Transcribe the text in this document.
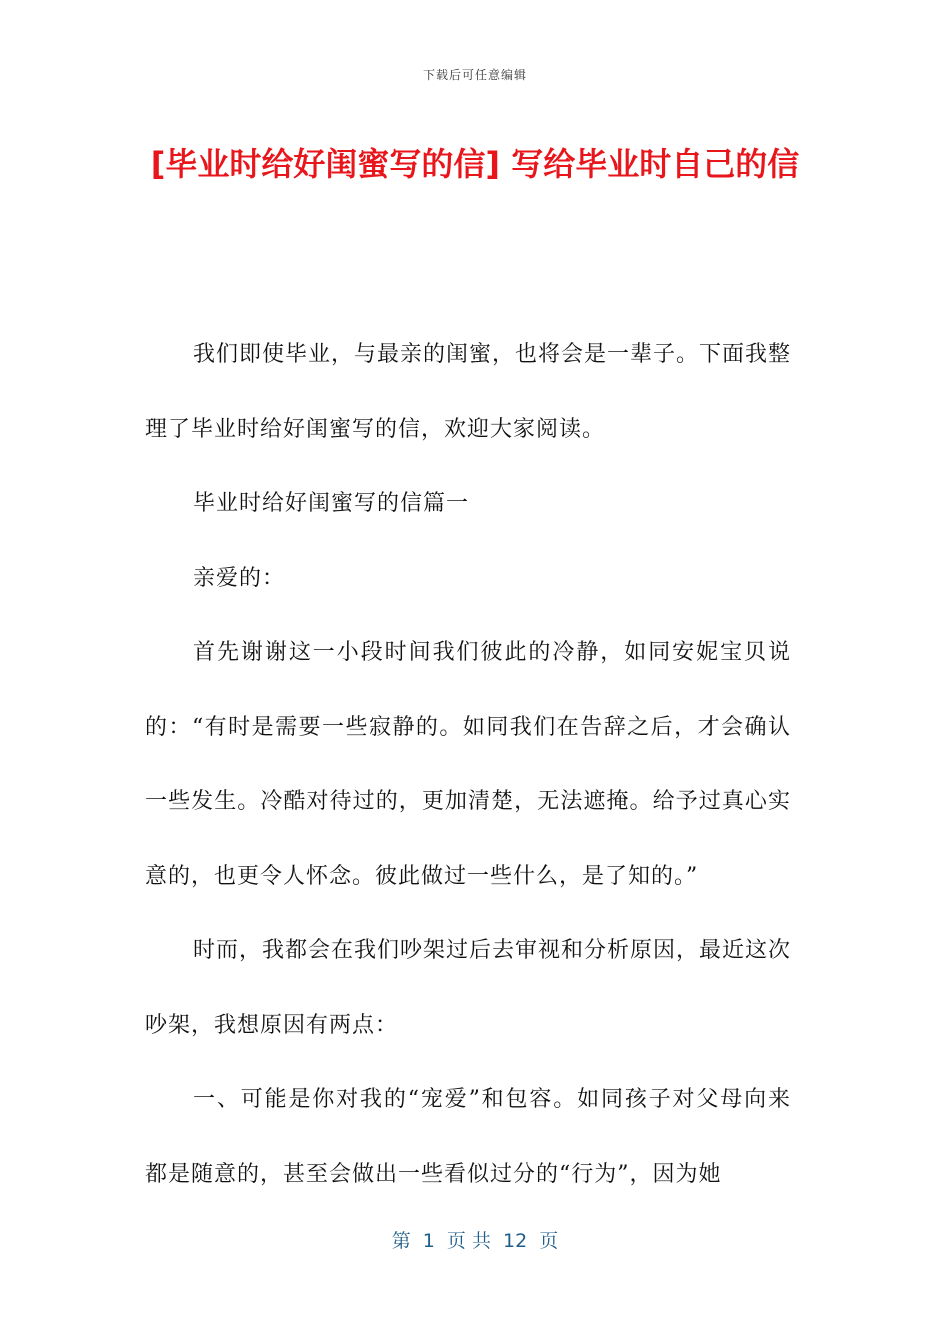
下载后可任意编辑
[毕业时给好闺蜜写的信] 写给毕业时自己的信

我们即使毕业，与最亲的闺蜜，也将会是一辈子。下面我整理了毕业时给好闺蜜写的信，欢迎大家阅读。

毕业时给好闺蜜写的信篇一

亲爱的：

首先谢谢这一小段时间我们彼此的冷静，如同安妮宝贝说的：“有时是需要一些寂静的。如同我们在告辞之后，才会确认一些发生。冷酷对待过的，更加清楚，无法遮掩。给予过真心实意的，也更令人怀念。彼此做过一些什么，是了知的。”

时而，我都会在我们吵架过后去审视和分析原因，最近这次吵架，我想原因有两点：

一、可能是你对我的“宠爱”和包容。如同孩子对父母向来都是随意的，甚至会做出一些看似过分的“行为”，因为她

第  1  页 共  12  页
